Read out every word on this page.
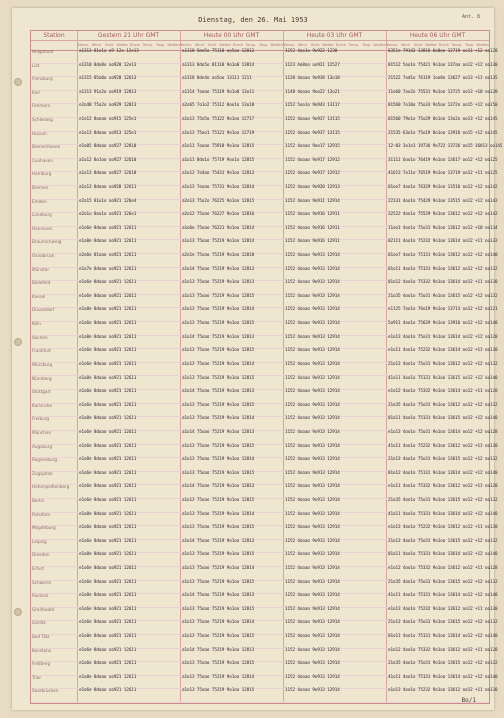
Dienstag, den 26. Mai 1953	Ant. 8
Station	Gestern 21 Uhr GMT	Heute 00 Uhr GMT	Heute 03 Uhr GMT	Heute 06 Uhr GMT
Kennz. Wind	Sicht Wetter Druck Temp. Taup. Wolken Kennz. Wind	Sicht Wetter Druck Temp. Taup. Wolken Kennz. Wind	Sicht Wetter Druck Temp. Taup. Wolken Kennz. Wind	Sicht Wetter Druck Temp. Taup. Wolken
Helgoland	a1313 81o1o o9 12a 12e13	a1318 5me5o 75118 oo5oo 12012	1152 4oo1o 9o922 1230	6351e 79142 13816 6o8oo 12719 oo11 +12 oo128
List	e1310 8do8o oo920 12e13	a1313 8do5o 81118 9o1o0 13814	1123 Ao8oo oo921 12527	01512 5oo1o 75421 9o1oo 137aa oo12 +12 oo130
Flensburg	a1315 85o0o oo920 12613	a1318 8dn4o oo5oo 13111 1211	1128 4ooao 9o938 13o18	21522 7od1o 76119 1oo8o 13627 oo13 +11 oo135
Kiel	a1313 91o2o oo919 12813	a1314 7ooao 75119 9o1o0 13o11	1148 4ooao 9oo22 13o21	11o60 7oo2o 75531 9o1oo 13725 oo13 +10 oo128
Fehmarn	e2o40 75o2o oo929 12813	a2o65 7o1o2 75112 8oo1o 13o18	1152 5oo1o 9o943 13117	01560 7o10o 75o33 9o5oo 1372o oo15 +12 oo150
Schleswig	e1o12 8ooao oo915 125e1	a1o13 75o5o 75122 9o1oo 12717	1152 4ooao 9o937 13115	01560 79o1o 75o29 8o1oo 13o2o oo13 +12 oo145
Husum	e1o13 8doao oo913 125e1	a1o13 75oo1 75121 9o1oo 12719	1152 4ooao 9o937 13115	21535 63o1o 75o19 8o1oo 13916 oo15 +12 oo145
Bremerhaven	e1o05 8doao oo927 12810	a1o11 7ooao 75918 9o1oo 12815	1152 4ooao 9oo17 12915	12-03 3o1o1 19736 9o722 13726 oo15 16813 oo145
Cuxhaven	a1o12 8o1oo oo927 12610	a1o11 8do1o 75719 9oo1o 12815	1152 4ooao 9o917 12912	31111 6oo1o 76419 9o1oo 13617 oo12 +12 oo125
Hamburg	a1o13 8doao oo927 12610	a1o12 7o4ao 75431 9o1oo 12813	1152 4ooao 9o917 12912	41613 7o11o 76519 9o1oo 13719 oo12 +11 oo125
Bremen	a1o13 8doao oo928 12611	a1o13 7ooao 75731 9o1oo 12814	1152 4ooao 9o920 12913	01oo7 4oo1o 76329 9o1oo 13516 oo12 +12 oo142
Emden	e2o15 81o1o oo921 126e4	a2o13 75o2o 76225 9o1oo 12815	1152 4ooao 9o911 12914	22131 4oo1o 75429 9o1oo 13515 oo12 +12 oo142
Lüneburg	e2o1u 8oo1o oo921 126e1	a2o12 75oao 76227 9o1oo 12816	1152 4ooao 9o916 12911	32522 4oo1o 75529 9o1oo 13612 oo12 +12 oo142
Hannover	e1o6e 8doao oo921 12611	a1o6e 75oao 76221 9o1oo 12814	1152 4ooao 9o916 12911	11oo1 4oo1o 75o31 9o1oo 13612 oo12 +10 oo134
Braunschweig	e1o8e 8doao oo921 12611	a1o13 75oao 75219 9o1oo 12814	1152 4ooao 9o916 12911	02111 4oo1o 75232 9o1oo 13614 oo12 +11 oo132
Osnabrück	e2o6e 81oao oo921 12611	a2o1e 75oao 75219 9o1oo 12818	1152 4ooao 9o913 12914	01oo7 4oo1o 75131 9o1oo 13612 oo12 +12 oo140
Münster	e1o7e 8doao oo921 12611	a1o14 75oao 75219 9o1oo 12813	1152 4ooao 9o913 12914	01o11 4oo1o 75131 9o1oo 13612 oo12 +12 oo132
Bielefeld	e1o6e 8doao oo921 12611	a1o13 75oao 75219 9o1oo 12813	1152 4ooao 9o913 12914	01o12 4oo1o 75332 9o1oo 13614 oo12 +11 oo130
Kassel	e1o6e 8doao oo921 12611	a1o13 75oao 75219 9o1oo 12815	1152 4ooao 9o913 12914	21o35 4oo1o 75o31 9o1oo 13615 oo12 +12 oo132
Düsseldorf	e1o8e 8doao oo921 12611	a1o13 75oao 75219 9o1oo 12814	1152 4ooao 9o913 12914	e1125 7oo1o 76o19 9o1oo 13713 oo12 +12 oo121
Köln	e1o6e 8doao oo921 12611	a1o13 75oao 75219 9o1oo 12815	1152 4ooao 9o913 12914	5o911 4oo1o 75629 9o1oo 13916 oo12 +12 oo140
Aachen	e1o8e 8doao oo921 12611	a1o14 75oao 75219 9o1oo 12813	1152 4ooao 9o913 12914	e1o13 4oo1o 75o31 9o1oo 13614 oo12 +12 oo128
Frankfurt	e1o6e 8doao oo921 12611	a1o13 75oao 75219 9o1oo 12815	1152 4ooao 9o913 12914	e1o11 4oo1o 75232 9o1oo 13614 oo12 +11 oo130
Würzburg	e1o6e 8doao oo921 12611	a1o13 75oao 75219 9o1oo 12814	1152 4ooao 9o913 12914	21o13 4oo1o 75o31 9o1oo 13612 oo12 +12 oo132
Nürnberg	e1o8e 8doao oo921 12611	a1o13 75oao 75219 9o1oo 12815	1152 4ooao 9o913 12914	41o11 4oo1o 75131 9o1oo 13615 oo12 +12 oo140
Stuttgart	e1o6e 8doao oo921 12611	a1o14 75oao 75219 9o1oo 12813	1152 4ooao 9o913 12914	e1o12 4oo1o 75332 9o1oo 13614 oo12 +11 oo128
Karlsruhe	e1o6e 8doao oo921 12611	a1o13 75oao 75219 9o1oo 12815	1152 4ooao 9o913 12914	21o35 4oo1o 75o31 9o1oo 13612 oo12 +12 oo132
Freiburg	e1o8e 8doao oo921 12611	a1o13 75oao 75219 9o1oo 12814	1152 4ooao 9o913 12914	01o11 4oo1o 75131 9o1oo 13615 oo12 +12 oo140
München	e1o6e 8doao oo921 12611	a1o14 75oao 75219 9o1oo 12813	1152 4ooao 9o913 12914	e1o13 4oo1o 75o31 9o1oo 13614 oo12 +12 oo128
Augsburg	e1o6e 8doao oo921 12611	a1o13 75oao 75219 9o1oo 12815	1152 4ooao 9o913 12914	41o11 4oo1o 75232 9o1oo 13612 oo12 +11 oo130
Regensburg	e1o8e 8doao oo921 12611	a1o13 75oao 75219 9o1oo 12814	1152 4ooao 9o913 12914	21o13 4oo1o 75o31 9o1oo 13615 oo12 +12 oo132
Zugspitze	e1o6e 8doao oo921 12611	a1o13 75oao 75219 9o1oo 12815	1152 4ooao 9o913 12914	01o12 4oo1o 75131 9o1oo 13614 oo12 +12 oo140
Hohenpeißenberg	e1o6e 8doao oo921 12611	a1o14 75oao 75219 9o1oo 12813	1152 4ooao 9o913 12914	e1o11 4oo1o 75332 9o1oo 13612 oo12 +11 oo128
Berlin	e1o6e 8doao oo921 12611	a1o13 75oao 75219 9o1oo 12815	1152 4ooao 9o913 12914	21o35 4oo1o 75o31 9o1oo 13615 oo12 +12 oo132
Potsdam	e1o8e 8doao oo921 12611	a1o13 75oao 75219 9o1oo 12814	1152 4ooao 9o913 12914	41o11 4oo1o 75131 9o1oo 13614 oo12 +12 oo140
Magdeburg	e1o6e 8doao oo921 12611	a1o13 75oao 75219 9o1oo 12815	1152 4ooao 9o913 12914	e1o13 4oo1o 75232 9o1oo 13612 oo12 +11 oo130
Leipzig	e1o6e 8doao oo921 12611	a1o14 75oao 75219 9o1oo 12813	1152 4ooao 9o913 12914	21o13 4oo1o 75o31 9o1oo 13615 oo12 +12 oo132
Dresden	e1o8e 8doao oo921 12611	a1o13 75oao 75219 9o1oo 12815	1152 4ooao 9o913 12914	01o11 4oo1o 75131 9o1oo 13614 oo12 +12 oo140
Erfurt	e1o6e 8doao oo921 12611	a1o13 75oao 75219 9o1oo 12814	1152 4ooao 9o913 12914	e1o12 4oo1o 75332 9o1oo 13612 oo12 +11 oo128
Schwerin	e1o6e 8doao oo921 12611	a1o13 75oao 75219 9o1oo 12815	1152 4ooao 9o913 12914	21o35 4oo1o 75o31 9o1oo 13615 oo12 +12 oo132
Rostock	e1o8e 8doao oo921 12611	a1o14 75oao 75219 9o1oo 12813	1152 4ooao 9o913 12914	41o11 4oo1o 75131 9o1oo 13614 oo12 +12 oo140
Greifswald	e1o6e 8doao oo921 12611	a1o13 75oao 75219 9o1oo 12815	1152 4ooao 9o913 12914	e1o13 4oo1o 75232 9o1oo 13612 oo12 +11 oo130
Görlitz	e1o6e 8doao oo921 12611	a1o13 75oao 75219 9o1oo 12814	1152 4ooao 9o913 12914	21o13 4oo1o 75o31 9o1oo 13615 oo12 +12 oo132
Bad Tölz	e1o8e 8doao oo921 12611	a1o13 75oao 75219 9o1oo 12815	1152 4ooao 9o913 12914	01o11 4oo1o 75131 9o1oo 13614 oo12 +12 oo140
Konstanz	e1o6e 8doao oo921 12611	a1o14 75oao 75219 9o1oo 12813	1152 4ooao 9o913 12914	e1o12 4oo1o 75332 9o1oo 13612 oo12 +11 oo128
Feldberg	e1o6e 8doao oo921 12611	a1o13 75oao 75219 9o1oo 12815	1152 4ooao 9o913 12914	21o35 4oo1o 75o31 9o1oo 13615 oo12 +12 oo132
Trier	e1o8e 8doao oo921 12611	a1o13 75oao 75219 9o1oo 12814	1152 4ooao 9o913 12914	41o11 4oo1o 75131 9o1oo 13614 oo12 +12 oo140
Saarbrücken	e1o6e 8doao oo921 12611	a1o13 75oao 75219 9o1oo 12815	1152 4ooao 9o913 12914	e1o13 4oo1o 75232 9o1oo 13612 oo12 +11 oo130
Bo/1
